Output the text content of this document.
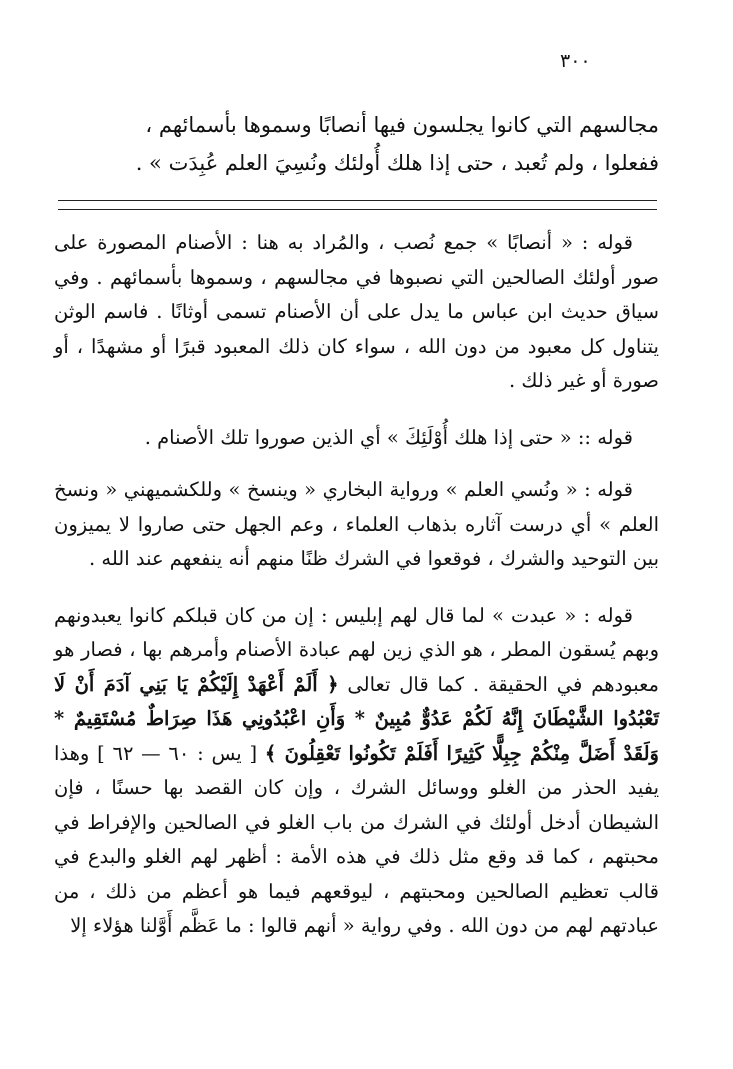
٣٠٠

مجالسهم التي كانوا يجلسون فيها أنصابًا وسموها بأسمائهم ،

ففعلوا ، ولم تُعبد ، حتى إذا هلك أُولئك ونُسِيَ العلم عُبِدَت » .

قوله : « أنصابًا » جمع نُصب ، والمُراد به هنا : الأصنام المصورة على صور أولئك الصالحين التي نصبوها في مجالسهم ، وسموها بأسمائهم . وفي سياق حديث ابن عباس ما يدل على أن الأصنام تسمى أوثانًا . فاسم الوثن يتناول كل معبود من دون الله ، سواء كان ذلك المعبود قبرًا أو مشهدًا ، أو صورة أو غير ذلك .

قوله :: « حتى إذا هلك أُوْلَئِكَ » أي الذين صوروا تلك الأصنام .

قوله : « ونُسي العلم » ورواية البخاري « وينسخ » وللكشميهني « ونسخ العلم » أي درست آثاره بذهاب العلماء ، وعم الجهل حتى صاروا لا يميزون بين التوحيد والشرك ، فوقعوا في الشرك ظنًا منهم أنه ينفعهم عند الله .

قوله : « عبدت » لما قال لهم إبليس : إن من كان قبلكم كانوا يعبدونهم وبهم يُسقون المطر ، هو الذي زين لهم عبادة الأصنام وأمرهم بها ، فصار هو معبودهم في الحقيقة . كما قال تعالى ﴿ أَلَمْ أَعْهَدْ إِلَيْكُمْ يَا بَنِي آدَمَ أَنْ لَا تَعْبُدُوا الشَّيْطَانَ إِنَّهُ لَكُمْ عَدُوٌّ مُبِينٌ * وَأَنِ اعْبُدُونِي هَذَا صِرَاطٌ مُسْتَقِيمٌ * وَلَقَدْ أَضَلَّ مِنْكُمْ جِبِلًّا كَثِيرًا أَفَلَمْ تَكُونُوا تَعْقِلُونَ ﴾ [ يس : ٦٠ — ٦٢ ] وهذا يفيد الحذر من الغلو ووسائل الشرك ، وإن كان القصد بها حسنًا ، فإن الشيطان أدخل أولئك في الشرك من باب الغلو في الصالحين والإفراط في محبتهم ، كما قد وقع مثل ذلك في هذه الأمة : أظهر لهم الغلو والبدع في قالب تعظيم الصالحين ومحبتهم ، ليوقعهم فيما هو أعظم من ذلك ، من عبادتهم لهم من دون الله . وفي رواية « أنهم قالوا : ما عَظَّم أَوَّلنا هؤلاء إلا
